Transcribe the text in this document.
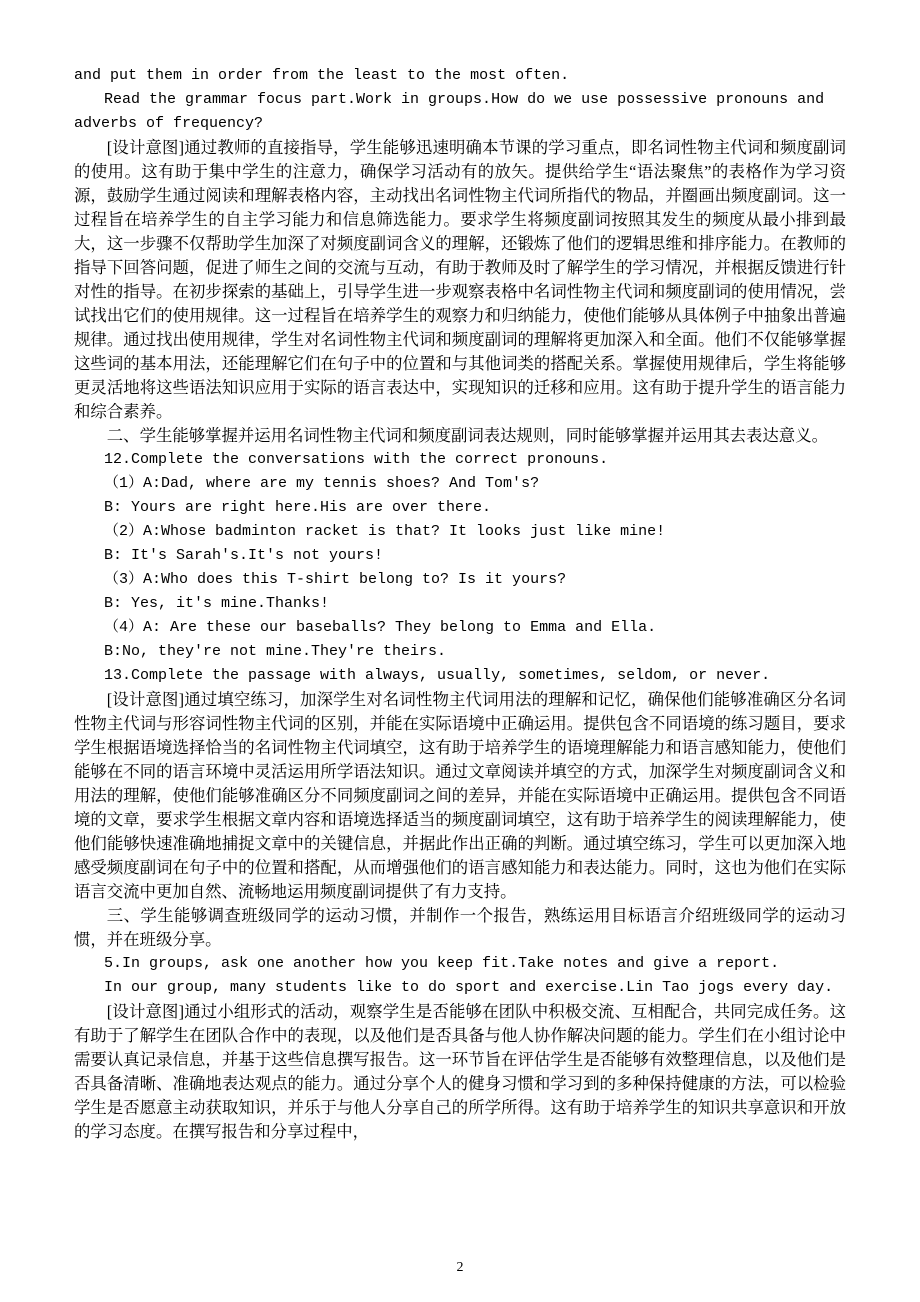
and put them in order from the least to the most often.

Read the grammar focus part.Work in groups.How do we use possessive pronouns and adverbs of frequency?

[设计意图]通过教师的直接指导，学生能够迅速明确本节课的学习重点，即名词性物主代词和频度副词的使用。这有助于集中学生的注意力，确保学习活动有的放矢。提供给学生“语法聚焦”的表格作为学习资源，鼓励学生通过阅读和理解表格内容，主动找出名词性物主代词所指代的物品，并圈画出频度副词。这一过程旨在培养学生的自主学习能力和信息筛选能力。要求学生将频度副词按照其发生的频度从最小排到最大，这一步骤不仅帮助学生加深了对频度副词含义的理解，还锻炼了他们的逻辑思维和排序能力。在教师的指导下回答问题，促进了师生之间的交流与互动，有助于教师及时了解学生的学习情况，并根据反馈进行针对性的指导。在初步探索的基础上，引导学生进一步观察表格中名词性物主代词和频度副词的使用情况，尝试找出它们的使用规律。这一过程旨在培养学生的观察力和归纳能力，使他们能够从具体例子中抽象出普遍规律。通过找出使用规律，学生对名词性物主代词和频度副词的理解将更加深入和全面。他们不仅能够掌握这些词的基本用法，还能理解它们在句子中的位置和与其他词类的搭配关系。掌握使用规律后，学生将能够更灵活地将这些语法知识应用于实际的语言表达中，实现知识的迁移和应用。这有助于提升学生的语言能力和综合素养。

二、学生能够掌握并运用名词性物主代词和频度副词表达规则，同时能够掌握并运用其去表达意义。

12.Complete the conversations with the correct pronouns.

（1）A:Dad, where are my tennis shoes? And Tom's?

B: Yours are right here.His are over there.

（2）A:Whose badminton racket is that? It looks just like mine!

B: It's Sarah's.It's not yours!

（3）A:Who does this T-shirt belong to? Is it yours?

B: Yes, it's mine.Thanks!

（4）A: Are these our baseballs? They belong to Emma and Ella.

B:No, they're not mine.They're theirs.

13.Complete the passage with always, usually, sometimes, seldom, or never.

[设计意图]通过填空练习，加深学生对名词性物主代词用法的理解和记忆，确保他们能够准确区分名词性物主代词与形容词性物主代词的区别，并能在实际语境中正确运用。提供包含不同语境的练习题目，要求学生根据语境选择恰当的名词性物主代词填空，这有助于培养学生的语境理解能力和语言感知能力，使他们能够在不同的语言环境中灵活运用所学语法知识。通过文章阅读并填空的方式，加深学生对频度副词含义和用法的理解，使他们能够准确区分不同频度副词之间的差异，并能在实际语境中正确运用。提供包含不同语境的文章，要求学生根据文章内容和语境选择适当的频度副词填空，这有助于培养学生的阅读理解能力，使他们能够快速准确地捕捉文章中的关键信息，并据此作出正确的判断。通过填空练习，学生可以更加深入地感受频度副词在句子中的位置和搭配，从而增强他们的语言感知能力和表达能力。同时，这也为他们在实际语言交流中更加自然、流畅地运用频度副词提供了有力支持。

三、学生能够调查班级同学的运动习惯，并制作一个报告，熟练运用目标语言介绍班级同学的运动习惯，并在班级分享。

5.In groups, ask one another how you keep fit.Take notes and give a report.

In our group, many students like to do sport and exercise.Lin Tao jogs every day.

[设计意图]通过小组形式的活动，观察学生是否能够在团队中积极交流、互相配合，共同完成任务。这有助于了解学生在团队合作中的表现，以及他们是否具备与他人协作解决问题的能力。学生们在小组讨论中需要认真记录信息，并基于这些信息撰写报告。这一环节旨在评估学生是否能够有效整理信息，以及他们是否具备清晰、准确地表达观点的能力。通过分享个人的健身习惯和学习到的多种保持健康的方法，可以检验学生是否愿意主动获取知识，并乐于与他人分享自己的所学所得。这有助于培养学生的知识共享意识和开放的学习态度。在撰写报告和分享过程中，

2
